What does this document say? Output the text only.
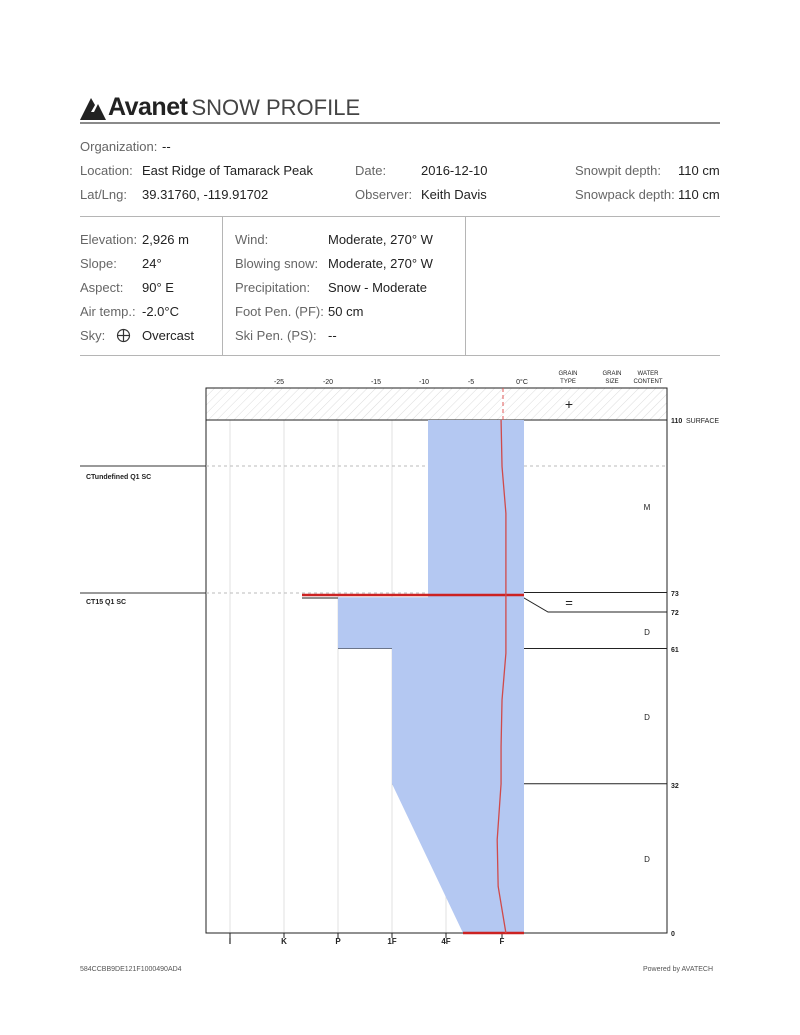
Avanet SNOW PROFILE
Organization: --
Location: East Ridge of Tamarack Peak	Date:	2016-12-10	Snowpit depth: 110 cm
Lat/Lng: 39.31760, -119.91702	Observer: Keith Davis	Snowpack depth: 110 cm
Elevation: 2,926 m
Slope: 24°
Aspect: 90° E
Air temp.: -2.0°C
Sky:	Overcast
Wind:	Moderate, 270° W
Blowing snow: Moderate, 270° W
Precipitation: Snow - Moderate
Foot Pen. (PF): 50 cm
Ski Pen. (PS): --
CTundefined Q1 SC
CT15 Q1 SC
-25	-20	-15	-10	-5	0°C
GRAIN
TYPE
GRAIN
SIZE
WATER
CONTENT
+
I	K	P	1F	4F	F
110
73
72
61
32
0
SURFACE
M
=
D
D
D
584CCBB9DE121F1000490AD4	Powered by AVATECH
